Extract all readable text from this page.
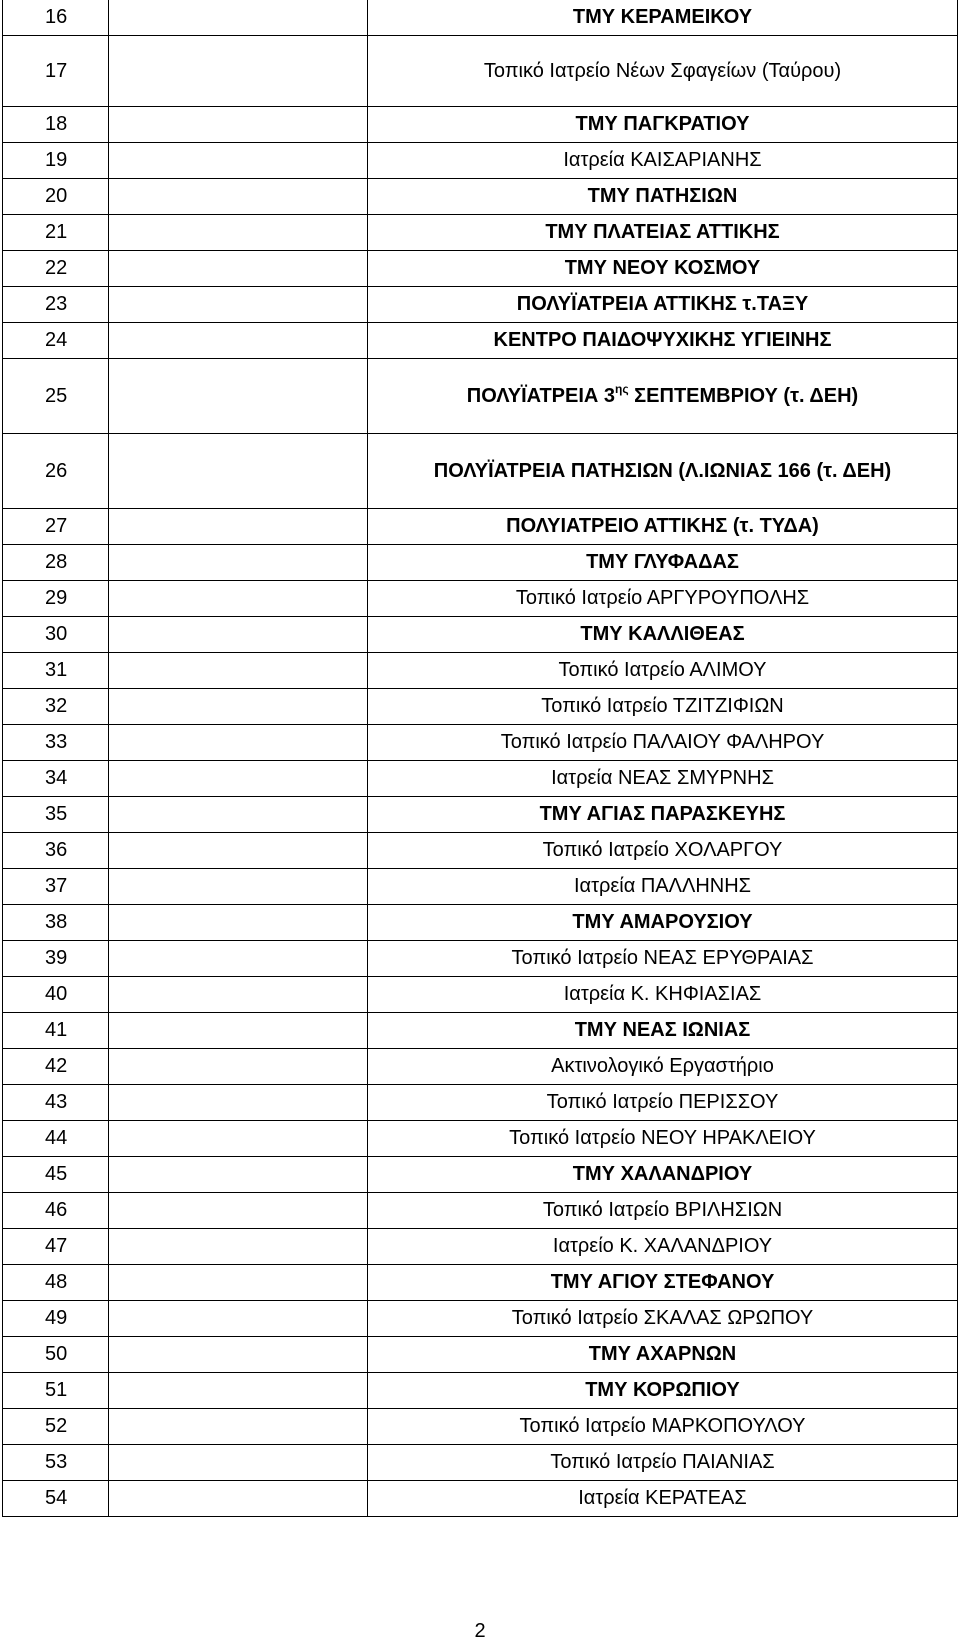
16		ΤΜΥ ΚΕΡΑΜΕΙΚΟΥ
17		Τοπικό Ιατρείο Νέων Σφαγείων (Ταύρου)
18		ΤΜΥ ΠΑΓΚΡΑΤΙΟΥ
19		Ιατρεία ΚΑΙΣΑΡΙΑΝΗΣ
20		ΤΜΥ ΠΑΤΗΣΙΩΝ
21		ΤΜΥ ΠΛΑΤΕΙΑΣ ΑΤΤΙΚΗΣ
22		ΤΜΥ ΝΕΟΥ ΚΟΣΜΟΥ
23		ΠΟΛΥΪΑΤΡΕΙΑ ΑΤΤΙΚΗΣ τ.ΤΑΞΥ
24		ΚΕΝΤΡΟ ΠΑΙΔΟΨΥΧΙΚΗΣ ΥΓΙΕΙΝΗΣ
25		ΠΟΛΥΪΑΤΡΕΙΑ $3^{\eta\varsigma}$ ΣΕΠΤΕΜΒΡΙΟΥ (τ. ΔΕΗ)
26		ΠΟΛΥΪΑΤΡΕΙΑ ΠΑΤΗΣΙΩΝ (Λ.ΙΩΝΙΑΣ 166 (τ. ΔΕΗ)
27		ΠΟΛΥΙΑΤΡΕΙΟ ΑΤΤΙΚΗΣ (τ. ΤΥΔΑ)
28		ΤΜΥ ΓΛΥΦΑΔΑΣ
29		Τοπικό Ιατρείο ΑΡΓΥΡΟΥΠΟΛΗΣ
30		ΤΜΥ ΚΑΛΛΙΘΕΑΣ
31		Τοπικό Ιατρείο ΑΛΙΜΟΥ
32		Τοπικό Ιατρείο ΤΖΙΤΖΙΦΙΩΝ
33		Τοπικό Ιατρείο ΠΑΛΑΙΟΥ ΦΑΛΗΡΟΥ
34		Ιατρεία ΝΕΑΣ ΣΜΥΡΝΗΣ
35		ΤΜΥ ΑΓΙΑΣ ΠΑΡΑΣΚΕΥΗΣ
36		Τοπικό Ιατρείο ΧΟΛΑΡΓΟΥ
37		Ιατρεία ΠΑΛΛΗΝΗΣ
38		ΤΜΥ ΑΜΑΡΟΥΣΙΟΥ
39		Τοπικό Ιατρείο ΝΕΑΣ ΕΡΥΘΡΑΙΑΣ
40		Ιατρεία Κ. ΚΗΦΙΑΣΙΑΣ
41		ΤΜΥ ΝΕΑΣ ΙΩΝΙΑΣ
42		Ακτινολογικό Εργαστήριο
43		Τοπικό Ιατρείο ΠΕΡΙΣΣΟΥ
44		Τοπικό Ιατρείο ΝΕΟΥ ΗΡΑΚΛΕΙΟΥ
45		ΤΜΥ ΧΑΛΑΝΔΡΙΟΥ
46		Τοπικό Ιατρείο ΒΡΙΛΗΣΙΩΝ
47		Ιατρείο Κ. ΧΑΛΑΝΔΡΙΟΥ
48		ΤΜΥ ΑΓΙΟΥ ΣΤΕΦΑΝΟΥ
49		Τοπικό Ιατρείο ΣΚΑΛΑΣ ΩΡΩΠΟΥ
50		ΤΜΥ ΑΧΑΡΝΩΝ
51		ΤΜΥ ΚΟΡΩΠΙΟΥ
52		Τοπικό Ιατρείο ΜΑΡΚΟΠΟΥΛΟΥ
53		Τοπικό Ιατρείο ΠΑΙΑΝΙΑΣ
54		Ιατρεία ΚΕΡΑΤΕΑΣ
2
